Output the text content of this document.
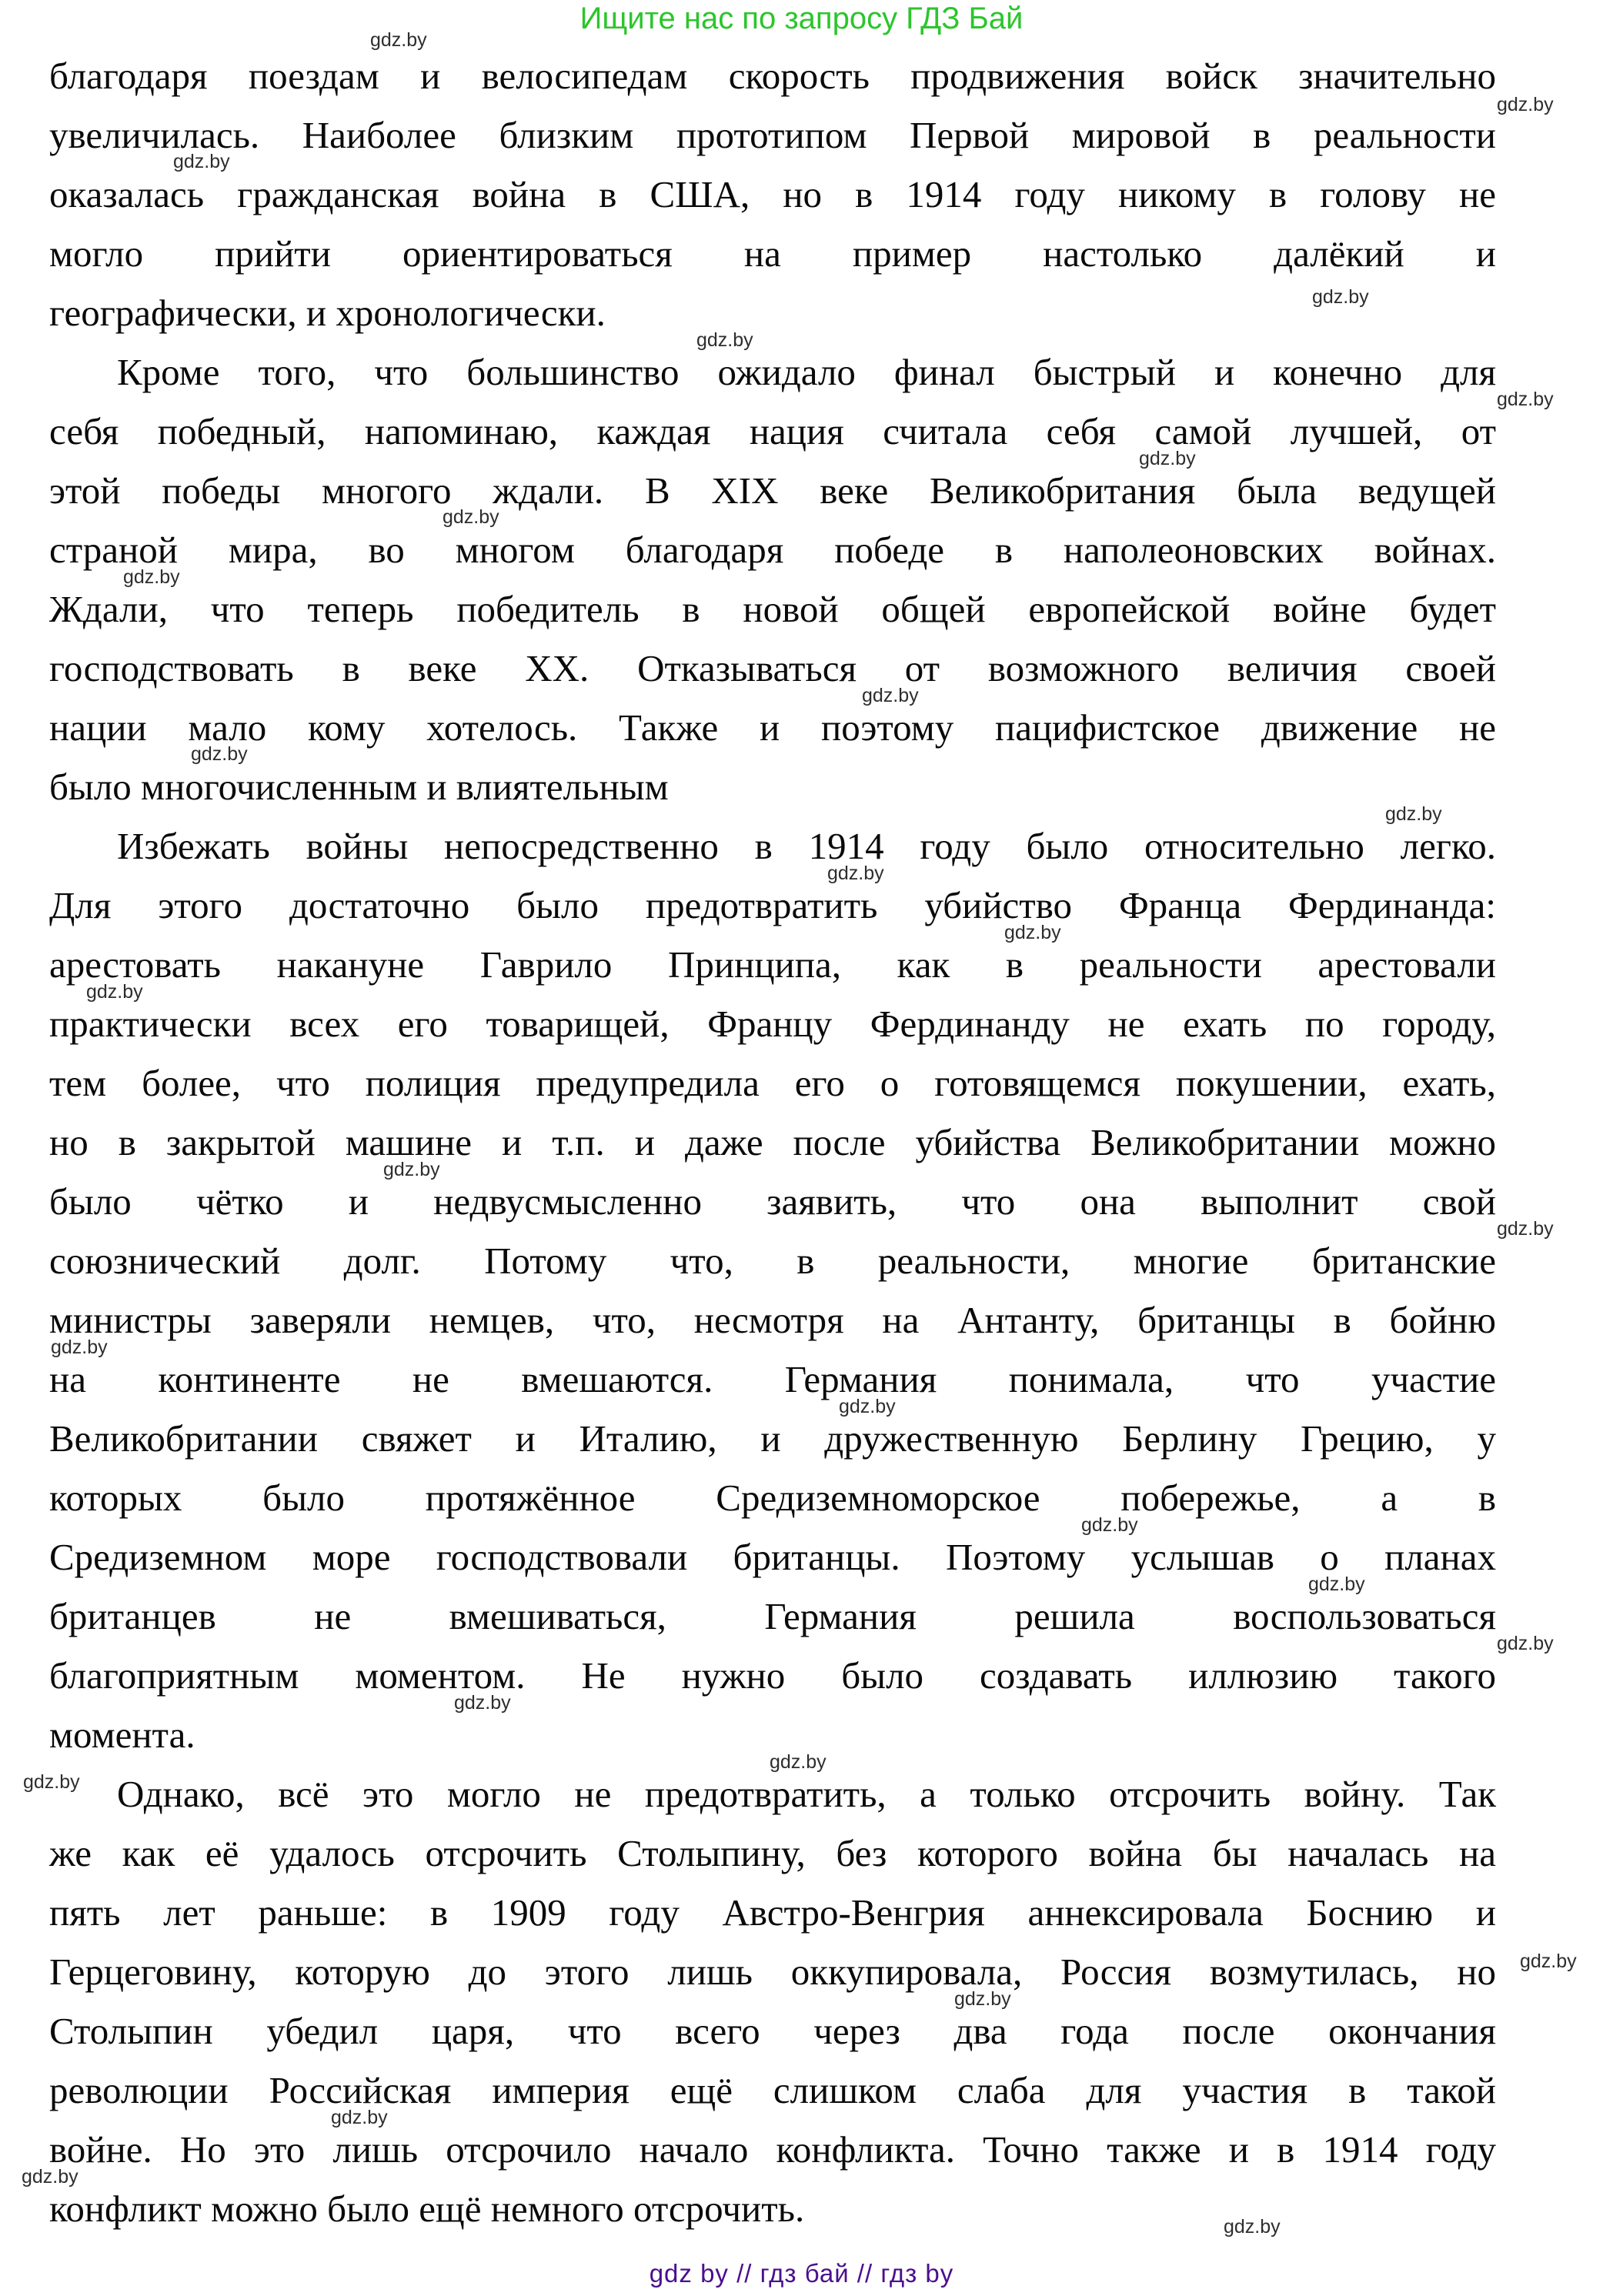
Ищите нас по запросу ГДЗ Бай
благодаря поездам и велосипедам скорость продвижения войск значительно
увеличилась. Наиболее близким прототипом Первой мировой в реальности
оказалась гражданская война в США, но в 1914 году никому в голову не
могло прийти ориентироваться на пример настолько далёкий и
географически, и хронологически.
Кроме того, что большинство ожидало финал быстрый и конечно для
себя победный, напоминаю, каждая нация считала себя самой лучшей, от
этой победы многого ждали. В XIX веке Великобритания была ведущей
страной мира, во многом благодаря победе в наполеоновских войнах.
Ждали, что теперь победитель в новой общей европейской войне будет
господствовать в веке XX. Отказываться от возможного величия своей
нации мало кому хотелось. Также и поэтому пацифистское движение не
было многочисленным и влиятельным
Избежать войны непосредственно в 1914 году было относительно легко.
Для этого достаточно было предотвратить убийство Франца Фердинанда:
арестовать накануне Гаврило Принципа, как в реальности арестовали
практически всех его товарищей, Францу Фердинанду не ехать по городу,
тем более, что полиция предупредила его о готовящемся покушении, ехать,
но в закрытой машине и т.п. и даже после убийства Великобритании можно
было чётко и недвусмысленно заявить, что она выполнит свой
союзнический долг. Потому что, в реальности, многие британские
министры заверяли немцев, что, несмотря на Антанту, британцы в бойню
на континенте не вмешаются. Германия понимала, что участие
Великобритании свяжет и Италию, и дружественную Берлину Грецию, у
которых было протяжённое Средиземноморское побережье, а в
Средиземном море господствовали британцы. Поэтому услышав о планах
британцев не вмешиваться, Германия решила воспользоваться
благоприятным моментом. Не нужно было создавать иллюзию такого
момента.
Однако, всё это могло не предотвратить, а только отсрочить войну. Так
же как её удалось отсрочить Столыпину, без которого война бы началась на
пять лет раньше: в 1909 году Австро-Венгрия аннексировала Боснию и
Герцеговину, которую до этого лишь оккупировала, Россия возмутилась, но
Столыпин убедил царя, что всего через два года после окончания
революции Российская империя ещё слишком слаба для участия в такой
войне. Но это лишь отсрочило начало конфликта. Точно также и в 1914 году
конфликт можно было ещё немного отсрочить.
gdz.by
gdz.by
gdz.by
gdz.by
gdz.by
gdz.by
gdz.by
gdz.by
gdz.by
gdz.by
gdz.by
gdz.by
gdz.by
gdz.by
gdz.by
gdz.by
gdz.by
gdz.by
gdz.by
gdz.by
gdz.by
gdz.by
gdz.by
gdz.by
gdz.by
gdz.by
gdz.by
gdz.by
gdz.by
gdz.by
gdz by // гдз бай // гдз by
